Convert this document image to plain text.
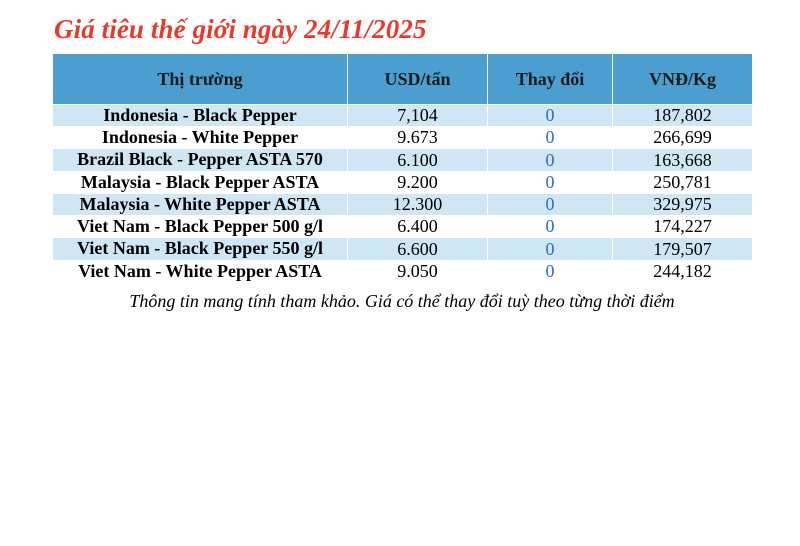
Giá tiêu thế giới ngày 24/11/2025
Thị trường	USD/tấn	Thay đổi	VNĐ/Kg
Indonesia - Black Pepper	7,104	0	187,802
Indonesia - White Pepper	9.673	0	266,699
Brazil Black - Pepper ASTA 570	6.100	0	163,668
Malaysia - Black Pepper ASTA	9.200	0	250,781
Malaysia - White Pepper ASTA	12.300	0	329,975
Viet Nam - Black Pepper 500 g/l	6.400	0	174,227
Viet Nam - Black Pepper 550 g/l	6.600	0	179,507
Viet Nam - White Pepper ASTA	9.050	0	244,182
Thông tin mang tính tham khảo. Giá có thể thay đổi tuỳ theo từng thời điểm
